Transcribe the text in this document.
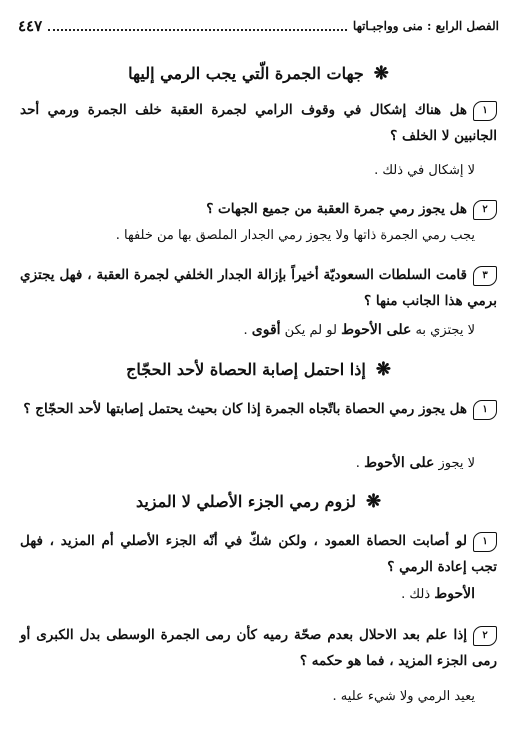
الفصل الرابع : منى وواجبـاتها
٤٤٧
❋جهات الجمرة الّتي يجب الرمي إليها
١هل هناك إشكال في وقوف الرامي لجمرة العقبة خلف الجمرة ورمي أحد الجانبين لا الخلف ؟
لا إشكال في ذلك .
٢هل يجوز رمي جمرة العقبة من جميع الجهات ؟
يجب رمي الجمرة ذاتها ولا يجوز رمي الجدار الملصق بها من خلفها .
٣قامت السلطات السعوديّة أخيراً بإزالة الجدار الخلفي لجمرة العقبة ، فهل يجتزي برمي هذا الجانب منها ؟
لا يجتزي به على الأحوط لو لم يكن أقوى .
❋إذا احتمل إصابة الحصاة لأحد الحجّاج
١هل يجوز رمي الحصاة باتّجاه الجمرة إذا كان بحيث يحتمل إصابتها لأحد الحجّاج ؟
لا يجوز على الأحوط .
❋لزوم رمي الجزء الأصلي لا المزيد
١لو أصابت الحصاة العمود ، ولكن شكّ في أنّه الجزء الأصلي أم المزيد ، فهل تجب إعادة الرمي ؟
الأحوط ذلك .
٢إذا علم بعد الاحلال بعدم صحّة رميه كأن رمى الجمرة الوسطى بدل الكبرى أو رمى الجزء المزيد ، فما هو حكمه ؟
يعيد الرمي ولا شيء عليه .
